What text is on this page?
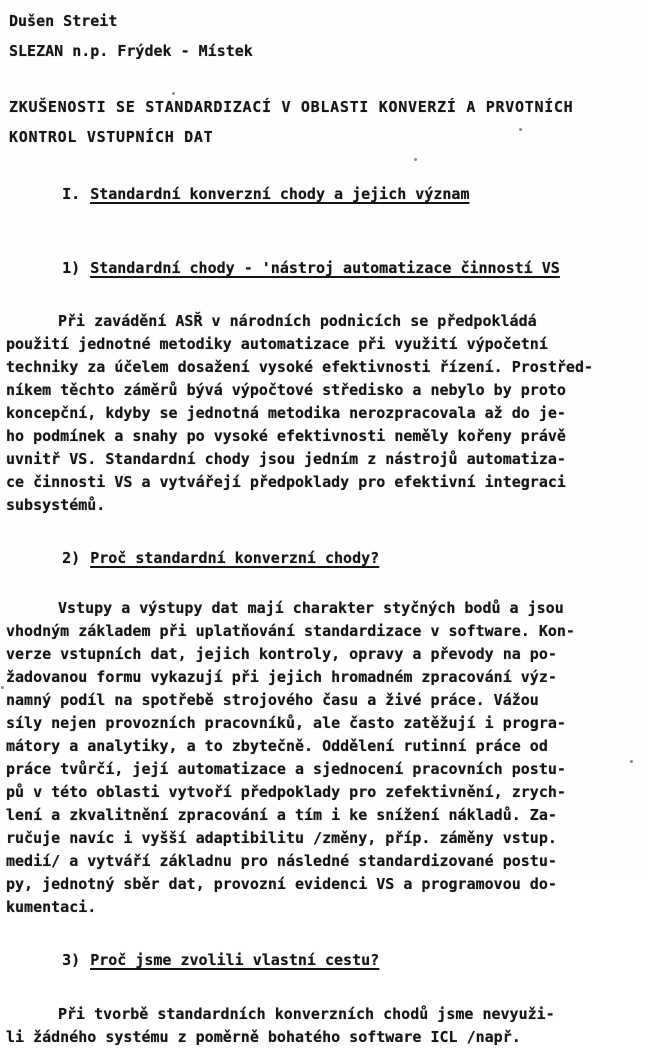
Dušen Streit
SLEZAN n.p. Frýdek - Místek
ZKUŠENOSTI SE STANDARDIZACÍ V OBLASTI KONVERZÍ A PRVOTNÍCH
KONTROL VSTUPNÍCH DAT

I. Standardní konverzní chody a jejich význam

1) Standardní chody - 'nástroj automatizace činností VS

Při zavádění ASŘ v národních podnicích se předpokládá
použití jednotné metodiky automatizace při využití výpočetní
techniky za účelem dosažení vysoké efektivnosti řízení. Prostřed-
níkem těchto záměrů bývá výpočtové středisko a nebylo by proto
koncepční, kdyby se jednotná metodika nerozpracovala až do je-
ho podmínek a snahy po vysoké efektivnosti neměly kořeny právě
uvnitř VS. Standardní chody jsou jedním z nástrojů automatiza-
ce činnosti VS a vytvářejí předpoklady pro efektivní integraci
subsystémů.

2) Proč standardní konverzní chody?

Vstupy a výstupy dat mají charakter styčných bodů a jsou
vhodným základem při uplatňování standardizace v software. Kon-
verze vstupních dat, jejich kontroly, opravy a převody na po-
žadovanou formu vykazují při jejich hromadném zpracování výz-
namný podíl na spotřebě strojového času a živé práce. Vážou
síly nejen provozních pracovníků, ale často zatěžují i progra-
mátory a analytiky, a to zbytečně. Oddělení rutinní práce od
práce tvůrčí, její automatizace a sjednocení pracovních postu-
pů v této oblasti vytvoří předpoklady pro zefektivnění, zrych-
lení a zkvalitnění zpracování a tím i ke snížení nákladů. Za-
ručuje navíc i vyšší adaptibilitu /změny, příp. záměny vstup.
medií/ a vytváří základnu pro následné standardizované postu-
py, jednotný sběr dat, provozní evidenci VS a programovou do-
kumentaci.

3) Proč jsme zvolili vlastní cestu?

Při tvorbě standardních konverzních chodů jsme nevyuži-
li žádného systému z poměrně bohatého software ICL /např.
